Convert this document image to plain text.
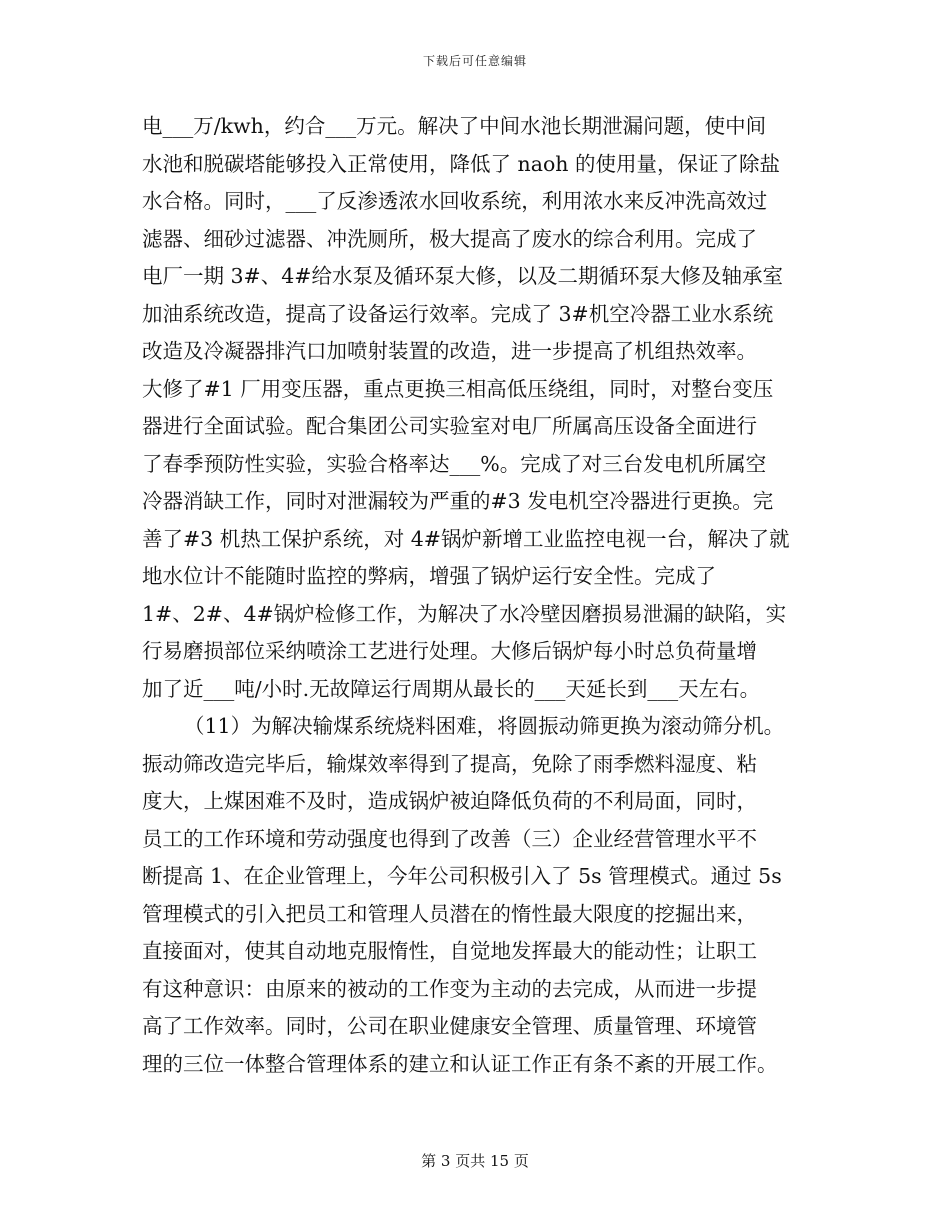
下载后可任意编辑
电___万/kwh，约合___万元。解决了中间水池长期泄漏问题，使中间
水池和脱碳塔能够投入正常使用，降低了 naoh 的使用量，保证了除盐
水合格。同时，___了反渗透浓水回收系统，利用浓水来反冲洗高效过
滤器、细砂过滤器、冲洗厕所，极大提高了废水的综合利用。完成了
电厂一期 3#、4#给水泵及循环泵大修，以及二期循环泵大修及轴承室
加油系统改造，提高了设备运行效率。完成了 3#机空冷器工业水系统
改造及冷凝器排汽口加喷射装置的改造，进一步提高了机组热效率。
大修了#1 厂用变压器，重点更换三相高低压绕组，同时，对整台变压
器进行全面试验。配合集团公司实验室对电厂所属高压设备全面进行
了春季预防性实验，实验合格率达___%。完成了对三台发电机所属空
冷器消缺工作，同时对泄漏较为严重的#3 发电机空冷器进行更换。完
善了#3 机热工保护系统，对 4#锅炉新增工业监控电视一台，解决了就
地水位计不能随时监控的弊病，增强了锅炉运行安全性。完成了
1#、2#、4#锅炉检修工作，为解决了水冷壁因磨损易泄漏的缺陷，实
行易磨损部位采纳喷涂工艺进行处理。大修后锅炉每小时总负荷量增
加了近___吨/小时.无故障运行周期从最长的___天延长到___天左右。
（11）为解决输煤系统烧料困难，将圆振动筛更换为滚动筛分机。
振动筛改造完毕后，输煤效率得到了提高，免除了雨季燃料湿度、粘
度大，上煤困难不及时，造成锅炉被迫降低负荷的不利局面，同时，
员工的工作环境和劳动强度也得到了改善（三）企业经营管理水平不
断提高 1、在企业管理上，今年公司积极引入了 5s 管理模式。通过 5s
管理模式的引入把员工和管理人员潜在的惰性最大限度的挖掘出来，
直接面对，使其自动地克服惰性，自觉地发挥最大的能动性；让职工
有这种意识：由原来的被动的工作变为主动的去完成，从而进一步提
高了工作效率。同时，公司在职业健康安全管理、质量管理、环境管
理的三位一体整合管理体系的建立和认证工作正有条不紊的开展工作。
第 3 页共 15 页
